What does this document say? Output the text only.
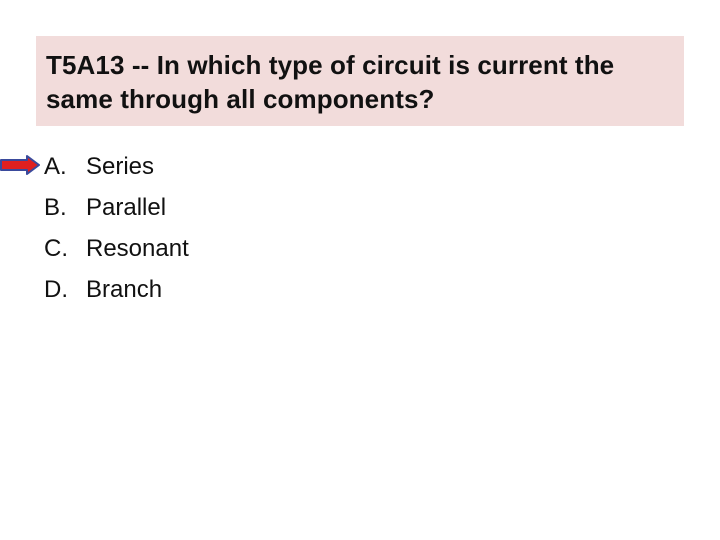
T5A13 -- In which type of circuit is current the same through all components?

A. Series
B. Parallel
C. Resonant
D. Branch
